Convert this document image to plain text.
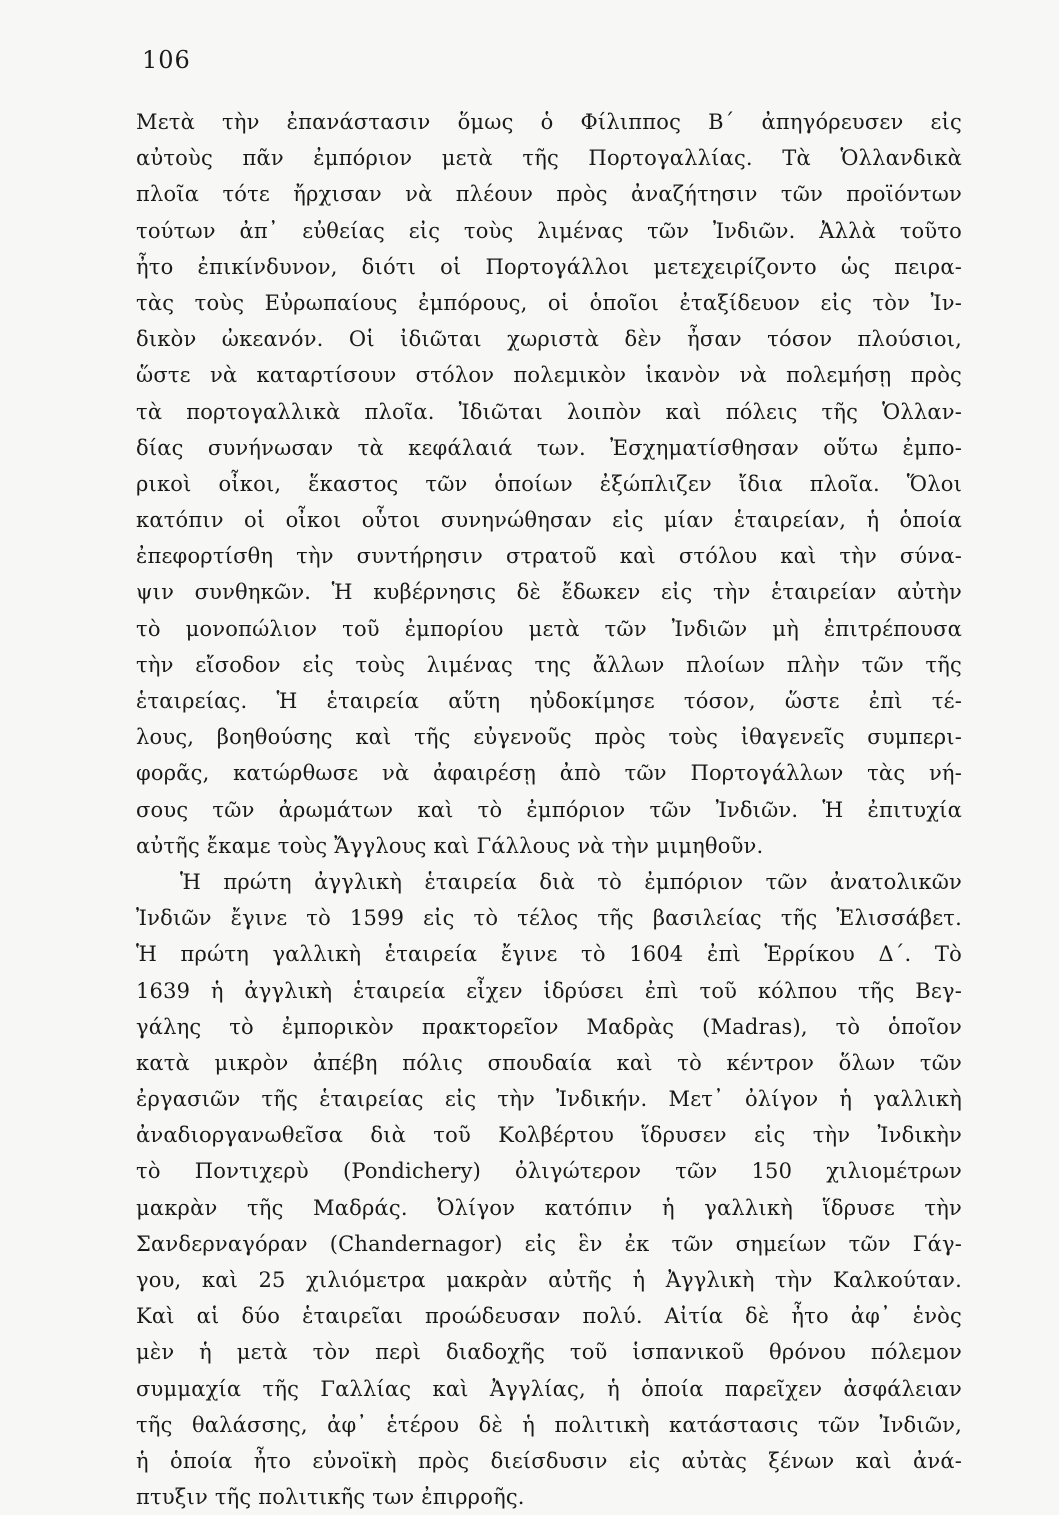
106
Μετὰ τὴν ἐπανάστασιν ὅμως ὁ Φίλιππος Β΄ ἀπηγόρευσεν εἰς
αὐτοὺς πᾶν ἐμπόριον μετὰ τῆς Πορτογαλλίας. Τὰ Ὁλλανδικὰ
πλοῖα τότε ἤρχισαν νὰ πλέουν πρὸς ἀναζήτησιν τῶν προϊόντων
τούτων ἀπ᾽ εὐθείας εἰς τοὺς λιμένας τῶν Ἰνδιῶν. Ἀλλὰ τοῦτο
ἦτο ἐπικίνδυνον, διότι οἱ Πορτογάλλοι μετεχειρίζοντο ὡς πειρα-
τὰς τοὺς Εὐρωπαίους ἐμπόρους, οἱ ὁποῖοι ἐταξίδευον εἰς τὸν Ἰν-
δικὸν ὠκεανόν. Οἱ ἰδιῶται χωριστὰ δὲν ἦσαν τόσον πλούσιοι,
ὥστε νὰ καταρτίσουν στόλον πολεμικὸν ἱκανὸν νὰ πολεμήσῃ πρὸς
τὰ πορτογαλλικὰ πλοῖα. Ἰδιῶται λοιπὸν καὶ πόλεις τῆς Ὁλλαν-
δίας συνήνωσαν τὰ κεφάλαιά των. Ἐσχηματίσθησαν οὕτω ἐμπο-
ρικοὶ οἶκοι, ἕκαστος τῶν ὁποίων ἐξώπλιζεν ἴδια πλοῖα. Ὅλοι
κατόπιν οἱ οἶκοι οὗτοι συνηνώθησαν εἰς μίαν ἑταιρείαν, ἡ ὁποία
ἐπεφορτίσθη τὴν συντήρησιν στρατοῦ καὶ στόλου καὶ τὴν σύνα-
ψιν συνθηκῶν. Ἡ κυβέρνησις δὲ ἔδωκεν εἰς τὴν ἑταιρείαν αὐτὴν
τὸ μονοπώλιον τοῦ ἐμπορίου μετὰ τῶν Ἰνδιῶν μὴ ἐπιτρέπουσα
τὴν εἴσοδον εἰς τοὺς λιμένας της ἄλλων πλοίων πλὴν τῶν τῆς
ἑταιρείας. Ἡ ἑταιρεία αὕτη ηὐδοκίμησε τόσον, ὥστε ἐπὶ τέ-
λους, βοηθούσης καὶ τῆς εὐγενοῦς πρὸς τοὺς ἰθαγενεῖς συμπερι-
φορᾶς, κατώρθωσε νὰ ἀφαιρέσῃ ἀπὸ τῶν Πορτογάλλων τὰς νή-
σους τῶν ἀρωμάτων καὶ τὸ ἐμπόριον τῶν Ἰνδιῶν. Ἡ ἐπιτυχία
αὐτῆς ἔκαμε τοὺς Ἄγγλους καὶ Γάλλους νὰ τὴν μιμηθοῦν.
Ἡ πρώτη ἀγγλικὴ ἑταιρεία διὰ τὸ ἐμπόριον τῶν ἀνατολικῶν
Ἰνδιῶν ἔγινε τὸ 1599 εἰς τὸ τέλος τῆς βασιλείας τῆς Ἐλισσάβετ.
Ἡ πρώτη γαλλικὴ ἑταιρεία ἔγινε τὸ 1604 ἐπὶ Ἑρρίκου Δ΄. Τὸ
1639 ἡ ἀγγλικὴ ἑταιρεία εἶχεν ἱδρύσει ἐπὶ τοῦ κόλπου τῆς Βεγ-
γάλης τὸ ἐμπορικὸν πρακτορεῖον Μαδρὰς (Madras), τὸ ὁποῖον
κατὰ μικρὸν ἀπέβη πόλις σπουδαία καὶ τὸ κέντρον ὅλων τῶν
ἐργασιῶν τῆς ἑταιρείας εἰς τὴν Ἰνδικήν. Μετ᾽ ὀλίγον ἡ γαλλικὴ
ἀναδιοργανωθεῖσα διὰ τοῦ Κολβέρτου ἵδρυσεν εἰς τὴν Ἰνδικὴν
τὸ Ποντιχερὺ (Pondichery) ὀλιγώτερον τῶν 150 χιλιομέτρων
μακρὰν τῆς Μαδράς. Ὀλίγον κατόπιν ἡ γαλλικὴ ἵδρυσε τὴν
Σανδερναγόραν (Chandernagor) εἰς ἓν ἐκ τῶν σημείων τῶν Γάγ-
γου, καὶ 25 χιλιόμετρα μακρὰν αὐτῆς ἡ Ἀγγλικὴ τὴν Καλκούταν.
Καὶ αἱ δύο ἑταιρεῖαι προώδευσαν πολύ. Αἰτία δὲ ἦτο ἀφ᾽ ἑνὸς
μὲν ἡ μετὰ τὸν περὶ διαδοχῆς τοῦ ἱσπανικοῦ θρόνου πόλεμον
συμμαχία τῆς Γαλλίας καὶ Ἀγγλίας, ἡ ὁποία παρεῖχεν ἀσφάλειαν
τῆς θαλάσσης, ἀφ᾽ ἑτέρου δὲ ἡ πολιτικὴ κατάστασις τῶν Ἰνδιῶν,
ἡ ὁποία ἦτο εὐνοϊκὴ πρὸς διείσδυσιν εἰς αὐτὰς ξένων καὶ ἀνά-
πτυξιν τῆς πολιτικῆς των ἐπιρροῆς.
